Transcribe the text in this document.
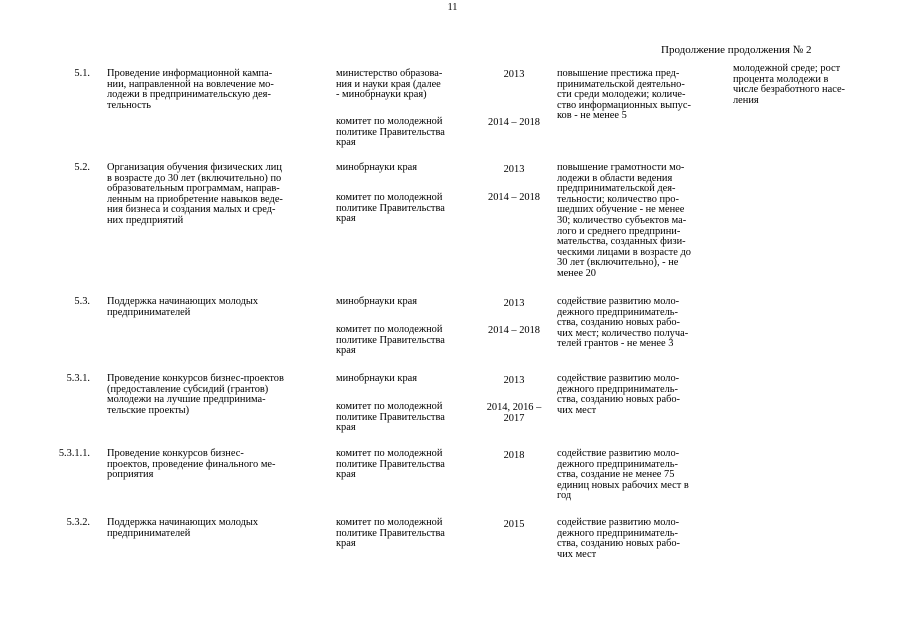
11
Продолжение продолжения № 2
молодежной среде; рост
процента молодежи в
числе безработного насе-
ления
5.1. Проведение информационной кампа-
нии, направленной на вовлечение мо-
лодежи в предпринимательскую дея-
тельность
министерство образова-
ния и науки края (далее
- минобрнауки края)
комитет по молодежной
политике Правительства
края
2013
2014 – 2018
повышение престижа пред-
принимательской деятельно-
сти среди молодежи; количе-
ство информационных выпус-
ков - не менее 5
5.2. Организация обучения физических лиц
в возрасте до 30 лет (включительно) по
образовательным программам, направ-
ленным на приобретение навыков веде-
ния бизнеса и создания малых и сред-
них предприятий
минобрнауки края
комитет по молодежной
политике Правительства
края
2013
2014 – 2018
повышение грамотности мо-
лодежи в области ведения
предпринимательской дея-
тельности; количество про-
шедших обучение - не менее
30; количество субъектов ма-
лого и среднего предприни-
мательства, созданных физи-
ческими лицами в возрасте до
30 лет (включительно), - не
менее 20
5.3. Поддержка начинающих молодых
предпринимателей
минобрнауки края
комитет по молодежной
политике Правительства
края
2013
2014 – 2018
содействие развитию моло-
дежного предприниматель-
ства, созданию новых рабо-
чих мест; количество получа-
телей грантов - не менее 3
5.3.1. Проведение конкурсов бизнес-проектов
(предоставление субсидий (грантов)
молодежи на лучшие предпринима-
тельские проекты)
минобрнауки края
комитет по молодежной
политике Правительства
края
2013
2014, 2016 –
2017
содействие развитию моло-
дежного предприниматель-
ства, созданию новых рабо-
чих мест
5.3.1.1. Проведение конкурсов бизнес-
проектов, проведение финального ме-
роприятия
комитет по молодежной
политике Правительства
края
2018	содействие развитию моло-
дежного предприниматель-
ства, создание не менее 75
единиц новых рабочих мест в
год
5.3.2. Поддержка начинающих молодых
предпринимателей
комитет по молодежной
политике Правительства
края
2015	содействие развитию моло-
дежного предприниматель-
ства, созданию новых рабо-
чих мест
